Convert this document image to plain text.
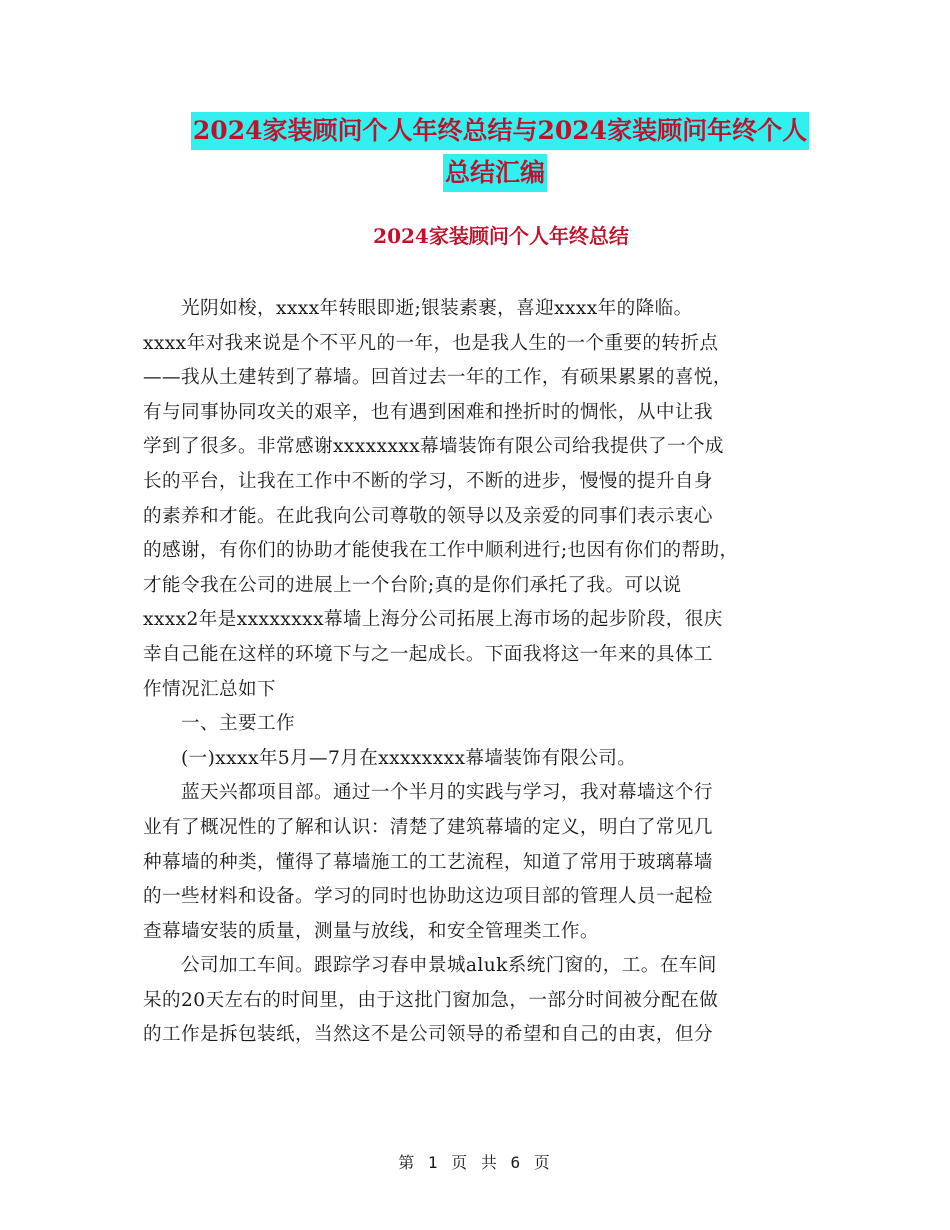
2024家装顾问个人年终总结与2024家装顾问年终个人
总结汇编
2024家装顾问个人年终总结
　　光阴如梭，xxxx年转眼即逝;银装素裹，喜迎xxxx年的降临。
xxxx年对我来说是个不平凡的一年，也是我人生的一个重要的转折点
——我从土建转到了幕墙。回首过去一年的工作，有硕果累累的喜悦，
有与同事协同攻关的艰辛，也有遇到困难和挫折时的惆怅，从中让我
学到了很多。非常感谢xxxxxxxx幕墙装饰有限公司给我提供了一个成
长的平台，让我在工作中不断的学习，不断的进步，慢慢的提升自身
的素养和才能。在此我向公司尊敬的领导以及亲爱的同事们表示衷心
的感谢，有你们的协助才能使我在工作中顺利进行;也因有你们的帮助，
才能令我在公司的进展上一个台阶;真的是你们承托了我。可以说
xxxx2年是xxxxxxxx幕墙上海分公司拓展上海市场的起步阶段，很庆
幸自己能在这样的环境下与之一起成长。下面我将这一年来的具体工
作情况汇总如下
　　一、主要工作
　　(一)xxxx年5月—7月在xxxxxxxx幕墙装饰有限公司。
　　蓝天兴都项目部。通过一个半月的实践与学习，我对幕墙这个行
业有了概况性的了解和认识：清楚了建筑幕墙的定义，明白了常见几
种幕墙的种类，懂得了幕墙施工的工艺流程，知道了常用于玻璃幕墙
的一些材料和设备。学习的同时也协助这边项目部的管理人员一起检
查幕墙安装的质量，测量与放线，和安全管理类工作。
　　公司加工车间。跟踪学习春申景城aluk系统门窗的，工。在车间
呆的20天左右的时间里，由于这批门窗加急，一部分时间被分配在做
的工作是拆包装纸，当然这不是公司领导的希望和自己的由衷，但分
第 1 页 共 6 页
